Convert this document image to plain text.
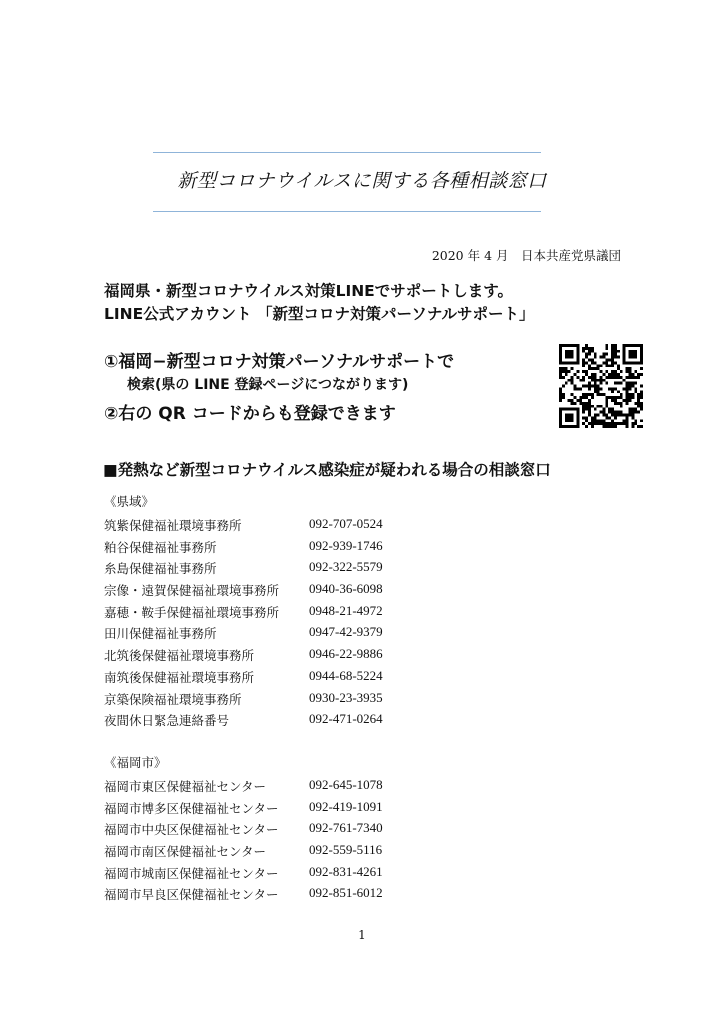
新型コロナウイルスに関する各種相談窓口
2020 年 4 月　日本共産党県議団
福岡県・新型コロナウイルス対策LINEでサポートします。
LINE公式アカウント 「新型コロナ対策パーソナルサポート」
①福岡−新型コロナ対策パーソナルサポートで
検索(県の LINE 登録ページにつながります)
②右の QR コードからも登録できます
■発熱など新型コロナウイルス感染症が疑われる場合の相談窓口
《県域》
筑紫保健福祉環境事務所	092-707-0524
粕谷保健福祉事務所	092-939-1746
糸島保健福祉事務所	092-322-5579
宗像・遠賀保健福祉環境事務所 0940-36-6098
嘉穂・鞍手保健福祉環境事務所 0948-21-4972
田川保健福祉事務所	0947-42-9379
北筑後保健福祉環境事務所	0946-22-9886
南筑後保健福祉環境事務所	0944-68-5224
京築保険福祉環境事務所	0930-23-3935
夜間休日緊急連絡番号	092-471-0264
《福岡市》
福岡市東区保健福祉センター	092-645-1078
福岡市博多区保健福祉センター 092-419-1091
福岡市中央区保健福祉センター 092-761-7340
福岡市南区保健福祉センター	092-559-5116
福岡市城南区保健福祉センター 092-831-4261
福岡市早良区保健福祉センター 092-851-6012
1
